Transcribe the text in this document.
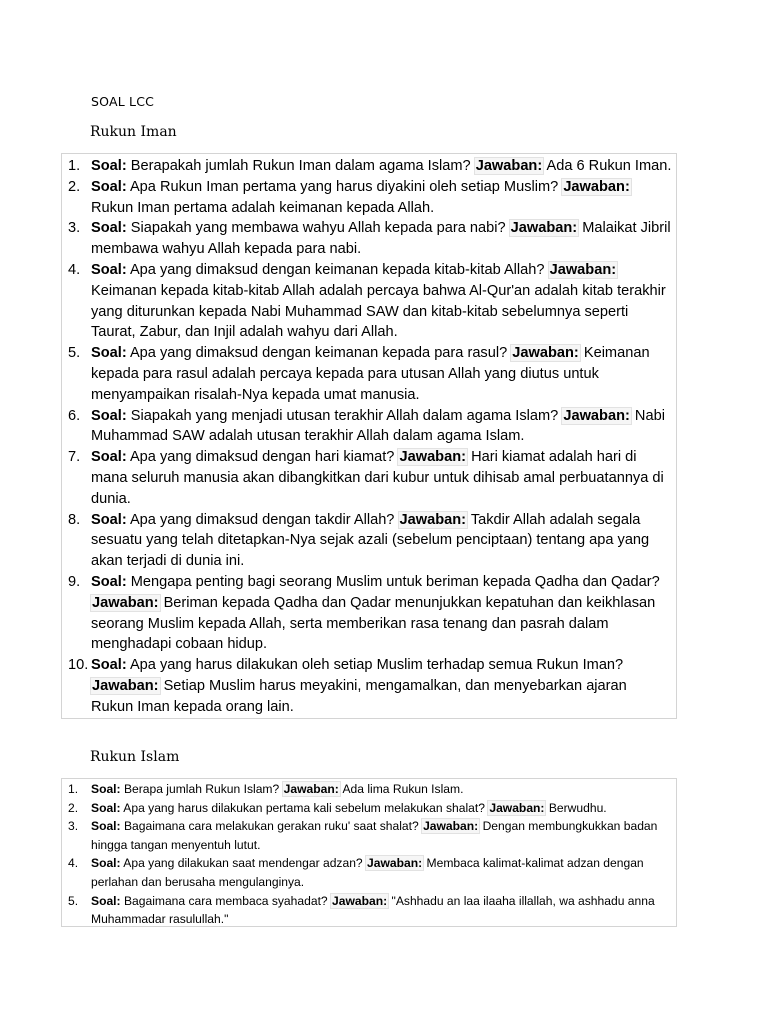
SOAL LCC
Rukun Iman
1. Soal: Berapakah jumlah Rukun Iman dalam agama Islam? Jawaban: Ada 6 Rukun Iman.
2. Soal: Apa Rukun Iman pertama yang harus diyakini oleh setiap Muslim? Jawaban: Rukun Iman pertama adalah keimanan kepada Allah.
3. Soal: Siapakah yang membawa wahyu Allah kepada para nabi? Jawaban: Malaikat Jibril membawa wahyu Allah kepada para nabi.
4. Soal: Apa yang dimaksud dengan keimanan kepada kitab-kitab Allah? Jawaban: Keimanan kepada kitab-kitab Allah adalah percaya bahwa Al-Qur'an adalah kitab terakhir yang diturunkan kepada Nabi Muhammad SAW dan kitab-kitab sebelumnya seperti Taurat, Zabur, dan Injil adalah wahyu dari Allah.
5. Soal: Apa yang dimaksud dengan keimanan kepada para rasul? Jawaban: Keimanan kepada para rasul adalah percaya kepada para utusan Allah yang diutus untuk menyampaikan risalah-Nya kepada umat manusia.
6. Soal: Siapakah yang menjadi utusan terakhir Allah dalam agama Islam? Jawaban: Nabi Muhammad SAW adalah utusan terakhir Allah dalam agama Islam.
7. Soal: Apa yang dimaksud dengan hari kiamat? Jawaban: Hari kiamat adalah hari di mana seluruh manusia akan dibangkitkan dari kubur untuk dihisab amal perbuatannya di dunia.
8. Soal: Apa yang dimaksud dengan takdir Allah? Jawaban: Takdir Allah adalah segala sesuatu yang telah ditetapkan-Nya sejak azali (sebelum penciptaan) tentang apa yang akan terjadi di dunia ini.
9. Soal: Mengapa penting bagi seorang Muslim untuk beriman kepada Qadha dan Qadar? Jawaban: Beriman kepada Qadha dan Qadar menunjukkan kepatuhan dan keikhlasan seorang Muslim kepada Allah, serta memberikan rasa tenang dan pasrah dalam menghadapi cobaan hidup.
10. Soal: Apa yang harus dilakukan oleh setiap Muslim terhadap semua Rukun Iman? Jawaban: Setiap Muslim harus meyakini, mengamalkan, dan menyebarkan ajaran Rukun Iman kepada orang lain.
Rukun Islam
1. Soal: Berapa jumlah Rukun Islam? Jawaban: Ada lima Rukun Islam.
2. Soal: Apa yang harus dilakukan pertama kali sebelum melakukan shalat? Jawaban: Berwudhu.
3. Soal: Bagaimana cara melakukan gerakan ruku' saat shalat? Jawaban: Dengan membungkukkan badan hingga tangan menyentuh lutut.
4. Soal: Apa yang dilakukan saat mendengar adzan? Jawaban: Membaca kalimat-kalimat adzan dengan perlahan dan berusaha mengulanginya.
5. Soal: Bagaimana cara membaca syahadat? Jawaban: "Ashhadu an laa ilaaha illallah, wa ashhadu anna Muhammadar rasulullah."
